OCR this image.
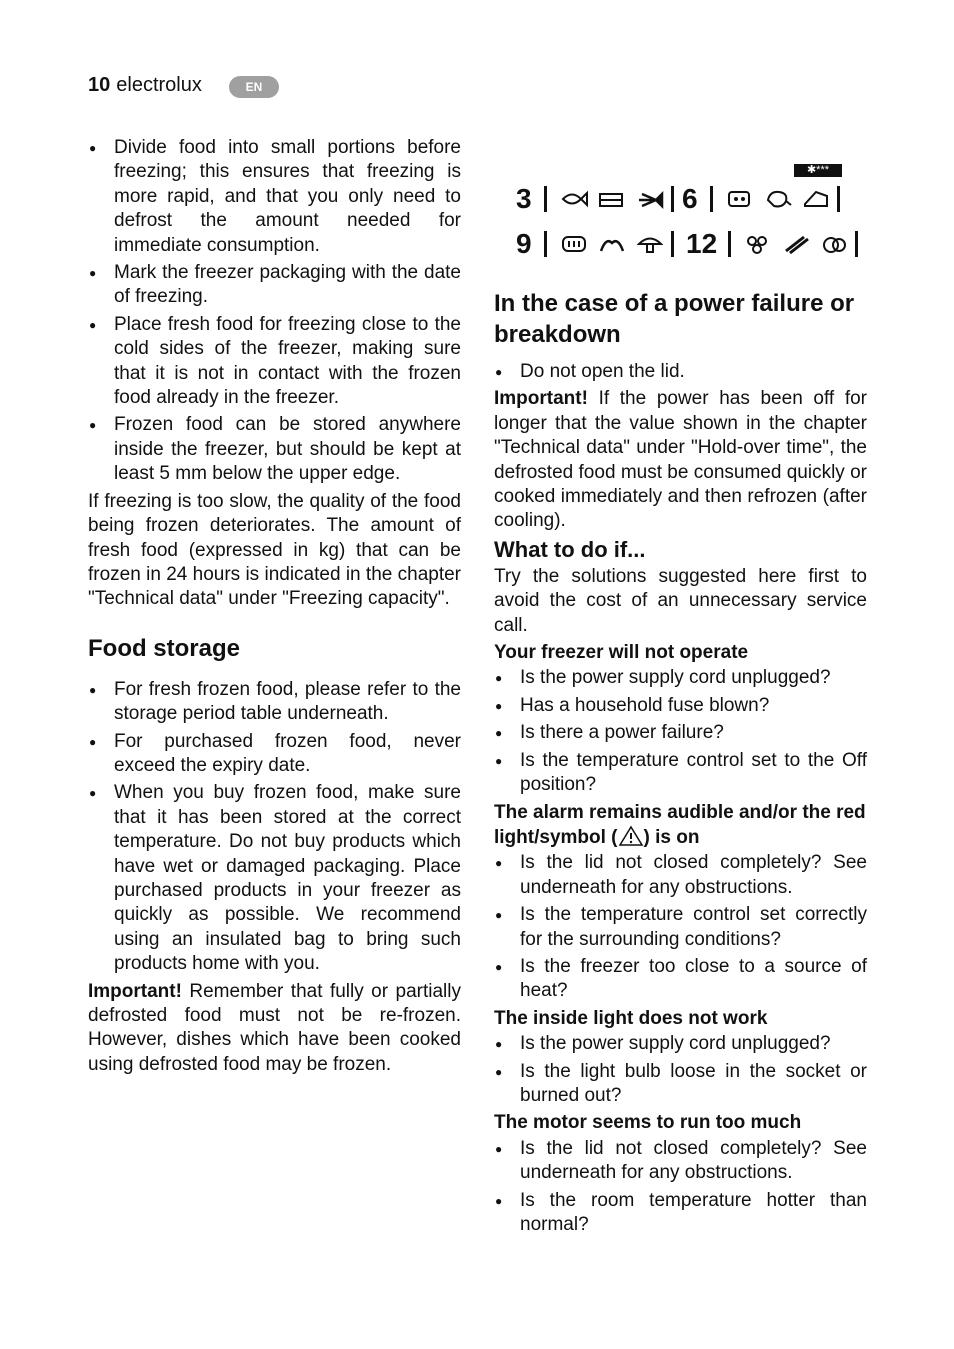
10 electrolux	EN
● Divide food into small portions before freezing; this ensures that freezing is more rapid, and that you only need to defrost the amount needed for immediate consumption.
● Mark the freezer packaging with the date of freezing.
● Place fresh food for freezing close to the cold sides of the freezer, making sure that it is not in contact with the frozen food already in the freezer.
● Frozen food can be stored anywhere inside the freezer, but should be kept at least 5 mm below the upper edge.

If freezing is too slow, the quality of the food being frozen deteriorates. The amount of fresh food (expressed in kg) that can be frozen in 24 hours is indicated in the chapter "Technical data" under "Freezing capacity".

Food storage
● For fresh frozen food, please refer to the storage period table underneath.
● For purchased frozen food, never exceed the expiry date.
● When you buy frozen food, make sure that it has been stored at the correct temperature. Do not buy products which have wet or damaged packaging. Place purchased products in your freezer as quickly as possible. We recommend using an insulated bag to bring such products home with you.

Important! Remember that fully or partially defrosted food must not be re-frozen. However, dishes which have been cooked using defrosted food may be frozen.

✱***
3	6
9	12
In the case of a power failure or breakdown
● Do not open the lid.

Important! If the power has been off for longer that the value shown in the chapter "Technical data" under "Hold-over time", the defrosted food must be consumed quickly or cooked immediately and then refrozen (after cooling).

What to do if...

Try the solutions suggested here first to avoid the cost of an unnecessary service call.

Your freezer will not operate
● Is the power supply cord unplugged?
● Has a household fuse blown?
● Is there a power failure?
● Is the temperature control set to the Off position?
The alarm remains audible and/or the red light/symbol ( ) is on
● Is the lid not closed completely? See underneath for any obstructions.
● Is the temperature control set correctly for the surrounding conditions?
● Is the freezer too close to a source of heat?
The inside light does not work
● Is the power supply cord unplugged?
● Is the light bulb loose in the socket or burned out?
The motor seems to run too much
● Is the lid not closed completely? See underneath for any obstructions.
● Is the room temperature hotter than normal?
